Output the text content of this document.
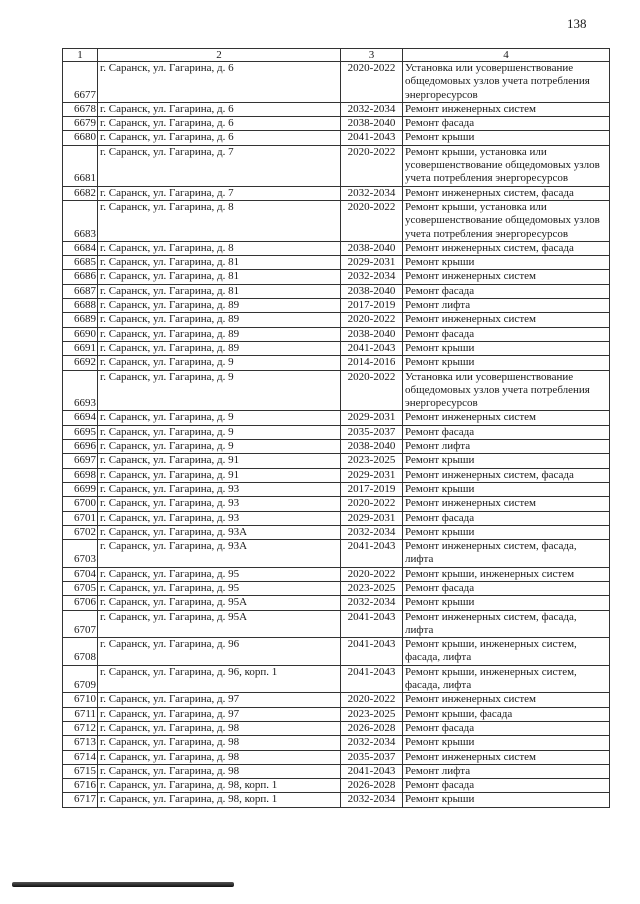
138
1	2	3	4
6677	г. Саранск, ул. Гагарина, д. 6	2020-2022	Установка или усовершенствование общедомовых узлов учета потребления энергоресурсов
6678	г. Саранск, ул. Гагарина, д. 6	2032-2034	Ремонт инженерных систем
6679	г. Саранск, ул. Гагарина, д. 6	2038-2040	Ремонт фасада
6680	г. Саранск, ул. Гагарина, д. 6	2041-2043	Ремонт крыши
6681	г. Саранск, ул. Гагарина, д. 7	2020-2022	Ремонт крыши, установка или усовершенствование общедомовых узлов учета потребления энергоресурсов
6682	г. Саранск, ул. Гагарина, д. 7	2032-2034	Ремонт инженерных систем, фасада
6683	г. Саранск, ул. Гагарина, д. 8	2020-2022	Ремонт крыши, установка или усовершенствование общедомовых узлов учета потребления энергоресурсов
6684	г. Саранск, ул. Гагарина, д. 8	2038-2040	Ремонт инженерных систем, фасада
6685	г. Саранск, ул. Гагарина, д. 81	2029-2031	Ремонт крыши
6686	г. Саранск, ул. Гагарина, д. 81	2032-2034	Ремонт инженерных систем
6687	г. Саранск, ул. Гагарина, д. 81	2038-2040	Ремонт фасада
6688	г. Саранск, ул. Гагарина, д. 89	2017-2019	Ремонт лифта
6689	г. Саранск, ул. Гагарина, д. 89	2020-2022	Ремонт инженерных систем
6690	г. Саранск, ул. Гагарина, д. 89	2038-2040	Ремонт фасада
6691	г. Саранск, ул. Гагарина, д. 89	2041-2043	Ремонт крыши
6692	г. Саранск, ул. Гагарина, д. 9	2014-2016	Ремонт крыши
6693	г. Саранск, ул. Гагарина, д. 9	2020-2022	Установка или усовершенствование общедомовых узлов учета потребления энергоресурсов
6694	г. Саранск, ул. Гагарина, д. 9	2029-2031	Ремонт инженерных систем
6695	г. Саранск, ул. Гагарина, д. 9	2035-2037	Ремонт фасада
6696	г. Саранск, ул. Гагарина, д. 9	2038-2040	Ремонт лифта
6697	г. Саранск, ул. Гагарина, д. 91	2023-2025	Ремонт крыши
6698	г. Саранск, ул. Гагарина, д. 91	2029-2031	Ремонт инженерных систем, фасада
6699	г. Саранск, ул. Гагарина, д. 93	2017-2019	Ремонт крыши
6700	г. Саранск, ул. Гагарина, д. 93	2020-2022	Ремонт инженерных систем
6701	г. Саранск, ул. Гагарина, д. 93	2029-2031	Ремонт фасада
6702	г. Саранск, ул. Гагарина, д. 93А	2032-2034	Ремонт крыши
6703	г. Саранск, ул. Гагарина, д. 93А	2041-2043	Ремонт инженерных систем, фасада, лифта
6704	г. Саранск, ул. Гагарина, д. 95	2020-2022	Ремонт крыши, инженерных систем
6705	г. Саранск, ул. Гагарина, д. 95	2023-2025	Ремонт фасада
6706	г. Саранск, ул. Гагарина, д. 95А	2032-2034	Ремонт крыши
6707	г. Саранск, ул. Гагарина, д. 95А	2041-2043	Ремонт инженерных систем, фасада, лифта
6708	г. Саранск, ул. Гагарина, д. 96	2041-2043	Ремонт крыши, инженерных систем, фасада, лифта
6709	г. Саранск, ул. Гагарина, д. 96, корп. 1	2041-2043	Ремонт крыши, инженерных систем, фасада, лифта
6710	г. Саранск, ул. Гагарина, д. 97	2020-2022	Ремонт инженерных систем
6711	г. Саранск, ул. Гагарина, д. 97	2023-2025	Ремонт крыши, фасада
6712	г. Саранск, ул. Гагарина, д. 98	2026-2028	Ремонт фасада
6713	г. Саранск, ул. Гагарина, д. 98	2032-2034	Ремонт крыши
6714	г. Саранск, ул. Гагарина, д. 98	2035-2037	Ремонт инженерных систем
6715	г. Саранск, ул. Гагарина, д. 98	2041-2043	Ремонт лифта
6716	г. Саранск, ул. Гагарина, д. 98, корп. 1	2026-2028	Ремонт фасада
6717	г. Саранск, ул. Гагарина, д. 98, корп. 1	2032-2034	Ремонт крыши
